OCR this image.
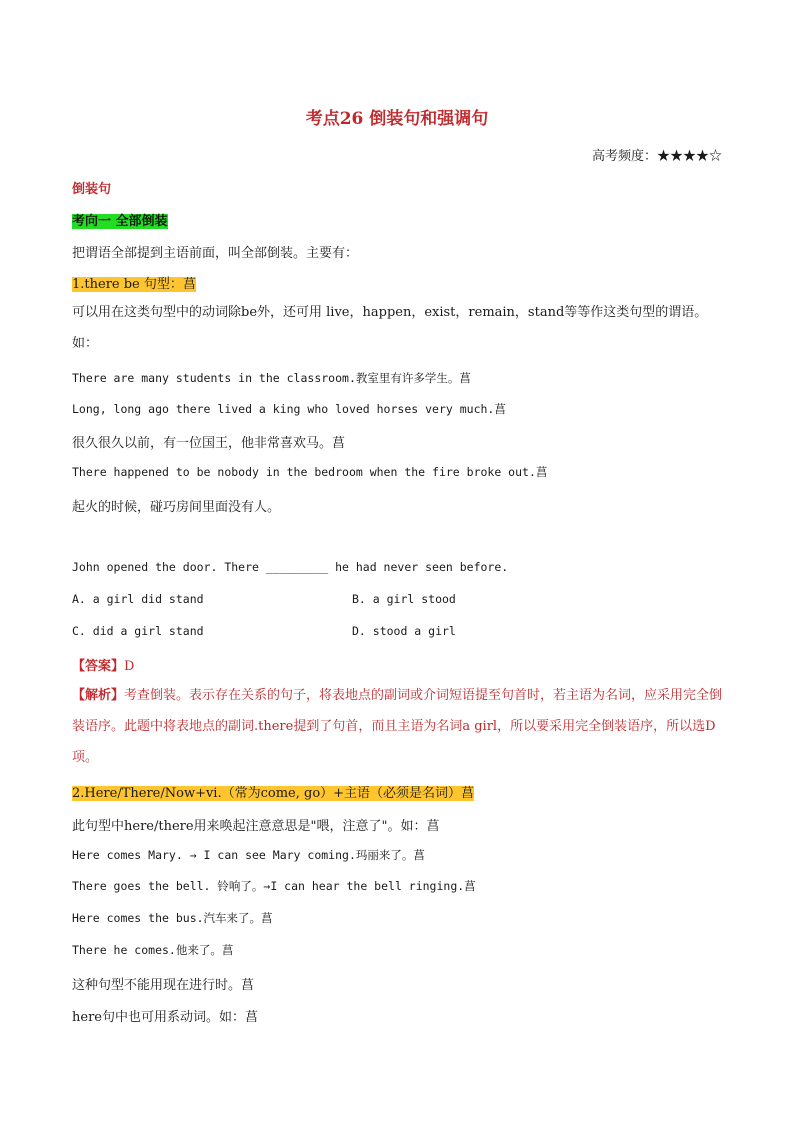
考点26 倒装句和强调句
高考频度：★★★★☆
倒装句
考向一 全部倒装
把谓语全部提到主语前面，叫全部倒装。主要有：
1.there be 句型：菖
可以用在这类句型中的动词除be外，还可用 live，happen，exist，remain，stand等等作这类句型的谓语。如：
There are many students in the classroom.教室里有许多学生。菖
Long, long ago there lived a king who loved horses very much.菖
很久很久以前，有一位国王，他非常喜欢马。菖
There happened to be nobody in the bedroom when the fire broke out.菖
起火的时候，碰巧房间里面没有人。
John opened the door. There _________ he had never seen before.
A. a girl did stand	B. a girl stood
C. did a girl stand	D. stood a girl
【答案】D
【解析】考查倒装。表示存在关系的句子，将表地点的副词或介词短语提至句首时，若主语为名词，应采用完全倒装语序。此题中将表地点的副词.there提到了句首，而且主语为名词a girl，所以要采用完全倒装语序，所以选D项。
2.Here/There/Now+vi.（常为come, go）+主语（必须是名词）菖
此句型中here/there用来唤起注意意思是"喂，注意了"。如：菖
Here comes Mary. → I can see Mary coming.玛丽来了。菖
There goes the bell. 铃响了。→I can hear the bell ringing.菖
Here comes the bus.汽车来了。菖
There he comes.他来了。菖
这种句型不能用现在进行时。菖
here句中也可用系动词。如：菖
